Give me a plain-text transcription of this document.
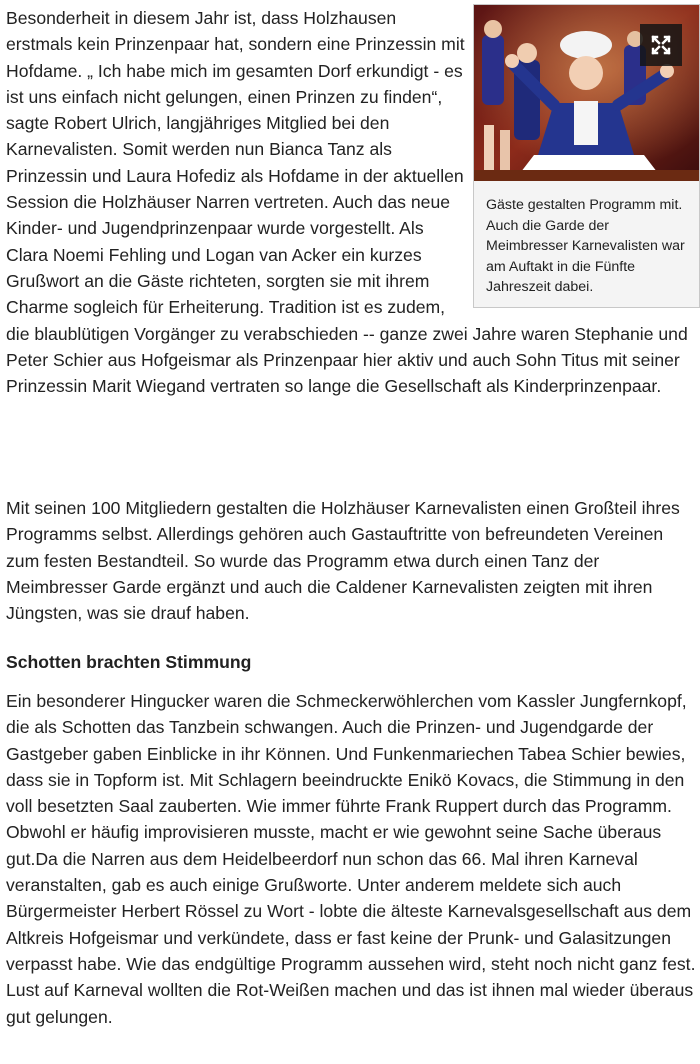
Gäste gestalten Programm mit. Auch die Garde der Meimbresser Karnevalisten war am Auftakt in die Fünfte Jahreszeit dabei.

Besonderheit in diesem Jahr ist, dass Holzhausen erstmals kein Prinzenpaar hat, sondern eine Prinzessin mit Hofdame. „ Ich habe mich im gesamten Dorf erkundigt - es ist uns einfach nicht gelungen, einen Prinzen zu finden“, sagte Robert Ulrich, langjähriges Mitglied bei den Karnevalisten. Somit werden nun Bianca Tanz als Prinzessin und Laura Hofediz als Hofdame in der aktuellen Session die Holzhäuser Narren vertreten. Auch das neue Kinder- und Jugendprinzenpaar wurde vorgestellt. Als Clara Noemi Fehling und Logan van Acker ein kurzes Grußwort an die Gäste richteten, sorgten sie mit ihrem Charme sogleich für Erheiterung. Tradition ist es zudem, die blaublütigen Vorgänger zu verabschieden -- ganze zwei Jahre waren Stephanie und Peter Schier aus Hofgeismar als Prinzenpaar hier aktiv und auch Sohn Titus mit seiner Prinzessin Marit Wiegand vertraten so lange die Gesellschaft als Kinderprinzenpaar.

Mit seinen 100 Mitgliedern gestalten die Holzhäuser Karnevalisten einen Großteil ihres Programms selbst. Allerdings gehören auch Gastauftritte von befreundeten Vereinen zum festen Bestandteil. So wurde das Programm etwa durch einen Tanz der Meimbresser Garde ergänzt und auch die Caldener Karnevalisten zeigten mit ihren Jüngsten, was sie drauf haben.

Schotten brachten Stimmung

Ein besonderer Hingucker waren die Schmeckerwöhlerchen vom Kassler Jungfernkopf, die als Schotten das Tanzbein schwangen. Auch die Prinzen- und Jugendgarde der Gastgeber gaben Einblicke in ihr Können. Und Funkenmariechen Tabea Schier bewies, dass sie in Topform ist. Mit Schlagern beeindruckte Enikö Kovacs, die Stimmung in den voll besetzten Saal zauberten. Wie immer führte Frank Ruppert durch das Programm. Obwohl er häufig improvisieren musste, macht er wie gewohnt seine Sache überaus gut.Da die Narren aus dem Heidelbeerdorf nun schon das 66. Mal ihren Karneval veranstalten, gab es auch einige Grußworte. Unter anderem meldete sich auch Bürgermeister Herbert Rössel zu Wort - lobte die älteste Karnevalsgesellschaft aus dem Altkreis Hofgeismar und verkündete, dass er fast keine der Prunk- und Galasitzungen verpasst habe. Wie das endgültige Programm aussehen wird, steht noch nicht ganz fest. Lust auf Karneval wollten die Rot-Weißen machen und das ist ihnen mal wieder überaus gut gelungen.
